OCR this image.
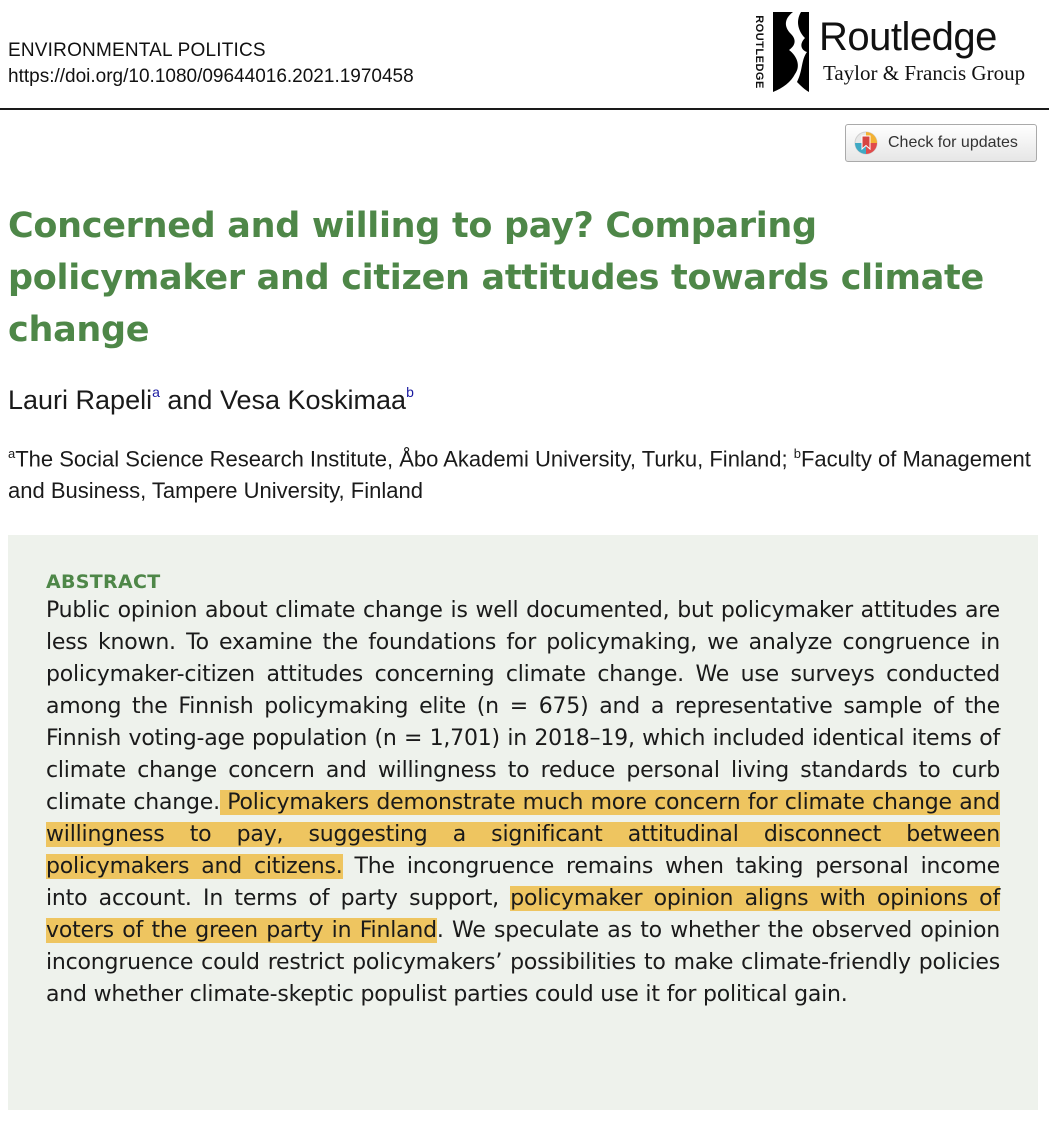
ENVIRONMENTAL POLITICS
https://doi.org/10.1080/09644016.2021.1970458	ROUTLEDGE Routledge
Taylor & Francis Group
Check for updates
Concerned and willing to pay? Comparing policymaker and citizen attitudes towards climate change
Lauri Rapeli$^a$ and Vesa Koskimaa$^b$
$^a$The Social Science Research Institute, Åbo Akademi University, Turku, Finland; $^b$Faculty of Management and Business, Tampere University, Finland
ABSTRACT

Public opinion about climate change is well documented, but policymaker attitudes are less known. To examine the foundations for policymaking, we analyze congruence in policymaker-citizen attitudes concerning climate change. We use surveys conducted among the Finnish policymaking elite (n = 675) and a representative sample of the Finnish voting-age population (n = 1,701) in 2018–19, which included identical items of climate change concern and willingness to reduce personal living standards to curb climate change. Policymakers demonstrate much more concern for climate change and willingness to pay, suggesting a significant attitudinal disconnect between policymakers and citizens. The incongruence remains when taking personal income into account. In terms of party support, policymaker opinion aligns with opinions of voters of the green party in Finland. We speculate as to whether the observed opinion incongruence could restrict policymakers’ possibilities to make climate-friendly policies and whether climate-skeptic populist parties could use it for political gain.
